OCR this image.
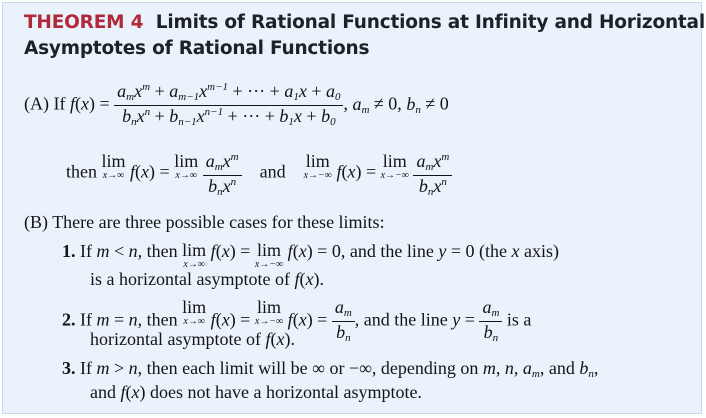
THEOREM 4 Limits of Rational Functions at Infinity and Horizontal
Asymptotes of Rational Functions
(A) If $f(x) = \frac{a_mx^m + a_{m-1}x^{m-1} + \cdot\cdot\cdot + a_1x + a_0}{b_nx^n + b_{n-1}x^{n-1} + \cdot\cdot\cdot + b_1x + b_0}$ , $a_m \ne 0$, $b_n \ne 0$
then
lim
x→∞ f(x) =
lim
x→∞
$\frac{a_mx^m}{b_nx^n}$ and
lim
x→−∞ f(x) =
lim
x→−∞
$\frac{a_mx^m}{b_nx^n}$
(B) There are three possible cases for these limits:
1. If m < n, then lim
x→∞
f(x) = lim
x→−∞
f(x) = 0, and the line y = 0 (the x axis)
is a horizontal asymptote of f(x).
2. If m = n, then
lim
x→∞ f(x) =
lim
x→−∞ $f(x) = \frac{a_m}{b_n}$ , and the line $y = \frac{a_m}{b_n}$ is a
horizontal asymptote of f(x).
3. If m > n, then each limit will be ∞ or −∞, depending on m, n, $a_m$, and $b_n$,
and f(x) does not have a horizontal asymptote.
